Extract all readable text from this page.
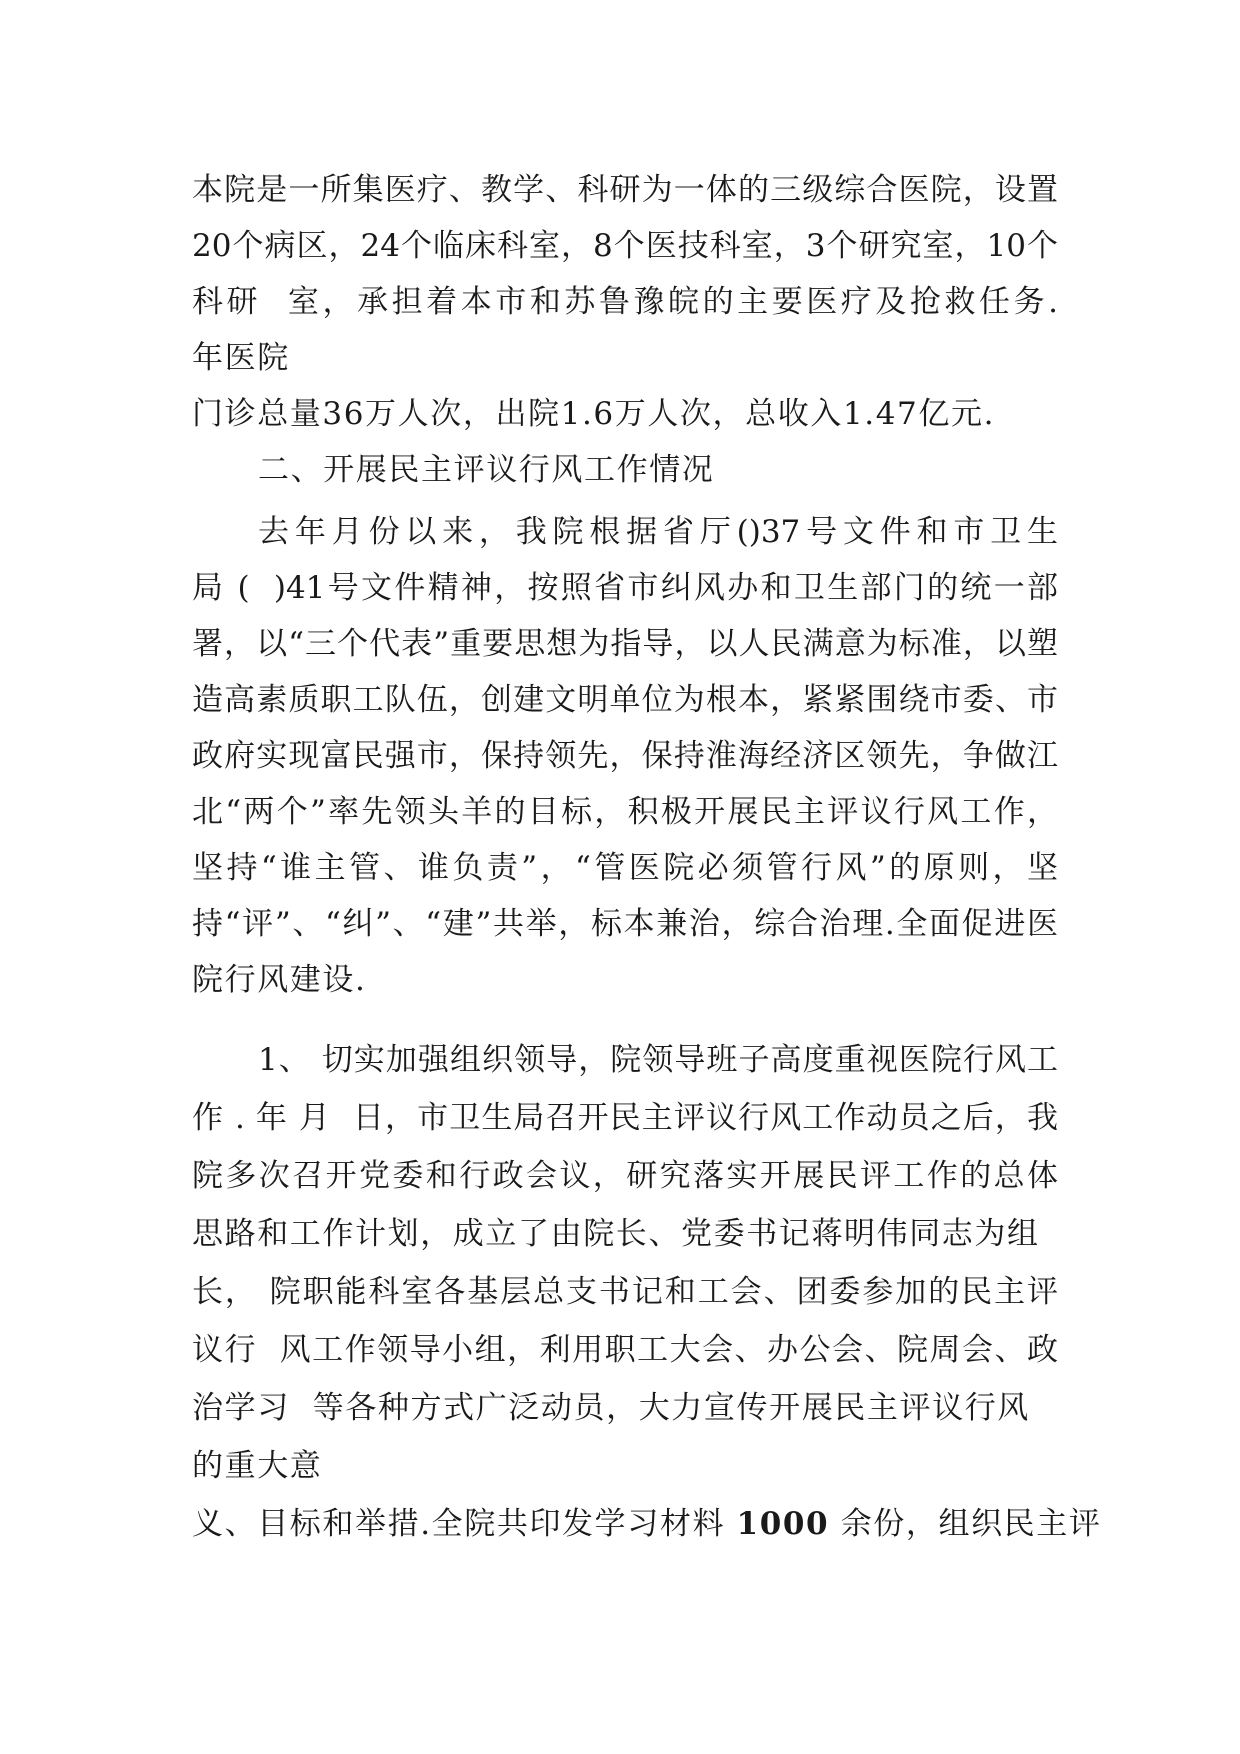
本院是一所集医疗、教学、科研为一体的三级综合医院，设置
20个病区，24个临床科室，8个医技科室，3个研究室，10个
科研  室，承担着本市和苏鲁豫皖的主要医疗及抢救任务.
年医院
门诊总量36万人次，出院1.6万人次，总收入1.47亿元.
二、开展民主评议行风工作情况
去年月份以来，我院根据省厅()37号文件和市卫生
局 (  )41号文件精神，按照省市纠风办和卫生部门的统一部
署，以“三个代表”重要思想为指导，以人民满意为标准，以塑
造高素质职工队伍，创建文明单位为根本，紧紧围绕市委、市
政府实现富民强市，保持领先，保持淮海经济区领先，争做江
北“两个”率先领头羊的目标，积极开展民主评议行风工作，
坚持“谁主管、谁负责”，“管医院必须管行风”的原则，坚
持“评”、“纠”、“建”共举，标本兼治，综合治理.全面促进医
院行风建设.
1、 切实加强组织领导，院领导班子高度重视医院行风工
作 . 年 月  日，市卫生局召开民主评议行风工作动员之后，我
院多次召开党委和行政会议，研究落实开展民评工作的总体
思路和工作计划，成立了由院长、党委书记蒋明伟同志为组
长， 院职能科室各基层总支书记和工会、团委参加的民主评
议行  风工作领导小组，利用职工大会、办公会、院周会、政
治学习  等各种方式广泛动员，大力宣传开展民主评议行风
的重大意
义、目标和举措.全院共印发学习材料 1000 余份，组织民主评
